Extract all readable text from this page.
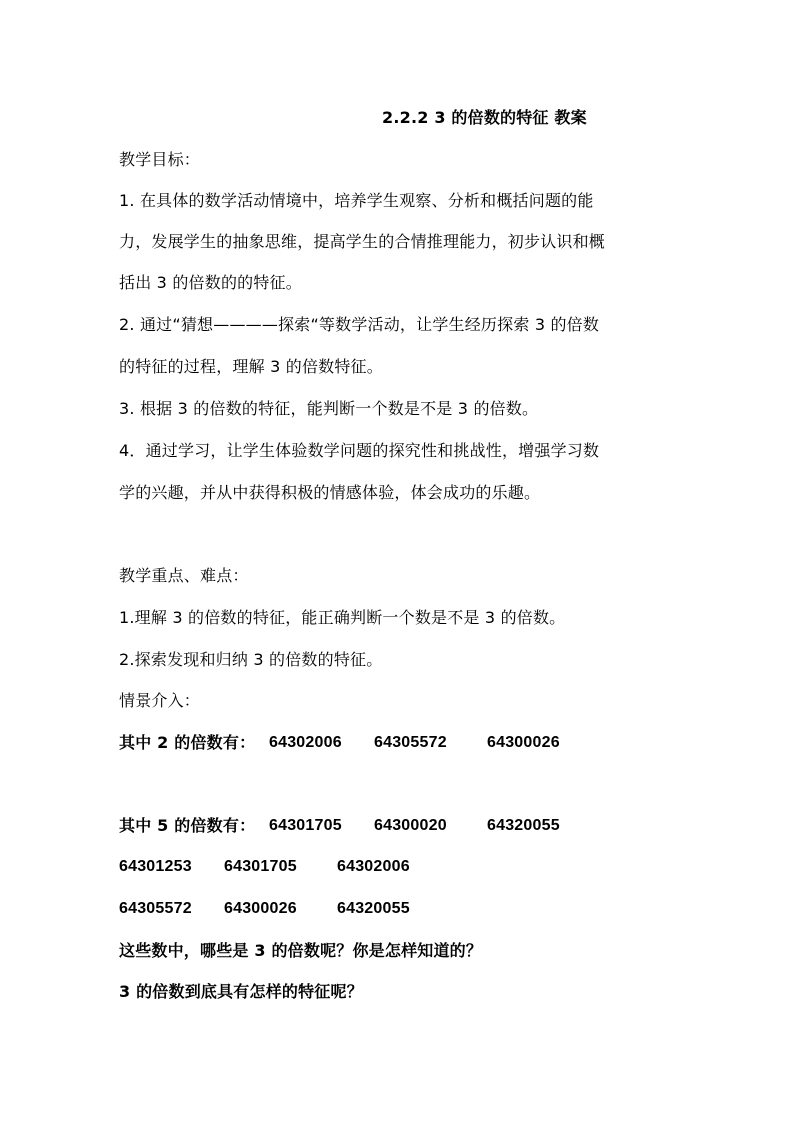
2.2.2 3 的倍数的特征 教案
教学目标：
1. 在具体的数学活动情境中，培养学生观察、分析和概括问题的能
力，发展学生的抽象思维，提高学生的合情推理能力，初步认识和概
括出 3 的倍数的的特征。
2. 通过“猜想————探索“等数学活动，让学生经历探索 3 的倍数
的特征的过程，理解 3 的倍数特征。
3. 根据 3 的倍数的特征，能判断一个数是不是 3 的倍数。
4．通过学习，让学生体验数学问题的探究性和挑战性，增强学习数
学的兴趣，并从中获得积极的情感体验，体会成功的乐趣。
教学重点、难点：
1.理解 3 的倍数的特征，能正确判断一个数是不是 3 的倍数。
2.探索发现和归纳 3 的倍数的特征。
情景介入：
其中 2 的倍数有： 64302006 64305572	64300026
其中 5 的倍数有： 64301705 64300020	64320055
64301253 64301705	64302006
64305572 64300026	64320055
这些数中，哪些是 3 的倍数呢？你是怎样知道的？
3 的倍数到底具有怎样的特征呢？
